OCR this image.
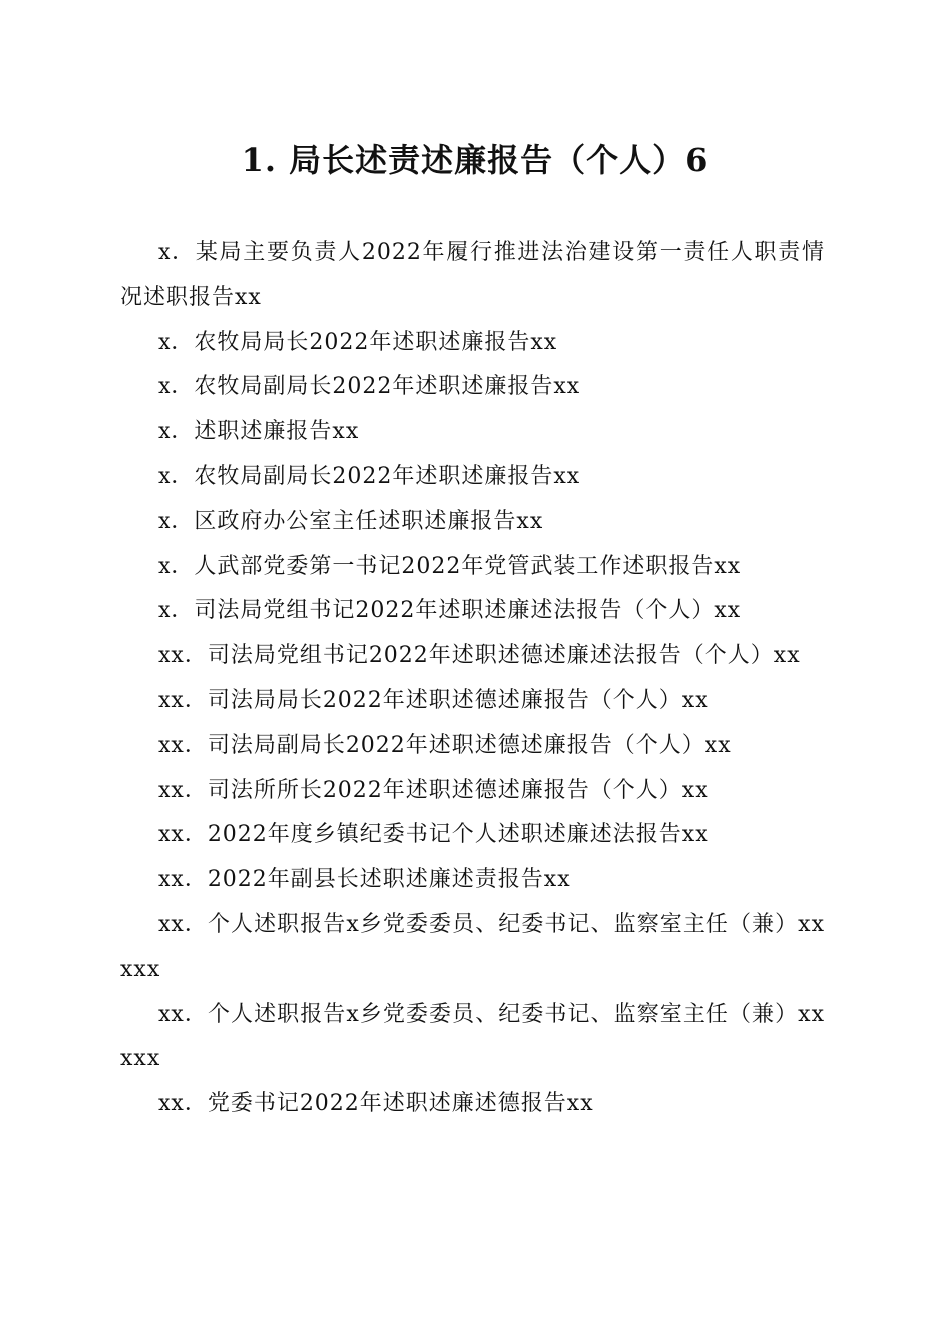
1. 局长述责述廉报告（个人）6
x．某局主要负责人2022年履行推进法治建设第一责任人职责情况述职报告xx
x．农牧局局长2022年述职述廉报告xx
x．农牧局副局长2022年述职述廉报告xx
x．述职述廉报告xx
x．农牧局副局长2022年述职述廉报告xx
x．区政府办公室主任述职述廉报告xx
x．人武部党委第一书记2022年党管武装工作述职报告xx
x．司法局党组书记2022年述职述廉述法报告（个人）xx
xx．司法局党组书记2022年述职述德述廉述法报告（个人）xx
xx．司法局局长2022年述职述德述廉报告（个人）xx
xx．司法局副局长2022年述职述德述廉报告（个人）xx
xx．司法所所长2022年述职述德述廉报告（个人）xx
xx．2022年度乡镇纪委书记个人述职述廉述法报告xx
xx．2022年副县长述职述廉述责报告xx
xx．个人述职报告x乡党委委员、纪委书记、监察室主任（兼）xxxxx
xx．个人述职报告x乡党委委员、纪委书记、监察室主任（兼）xxxxx
xx．党委书记2022年述职述廉述德报告xx
